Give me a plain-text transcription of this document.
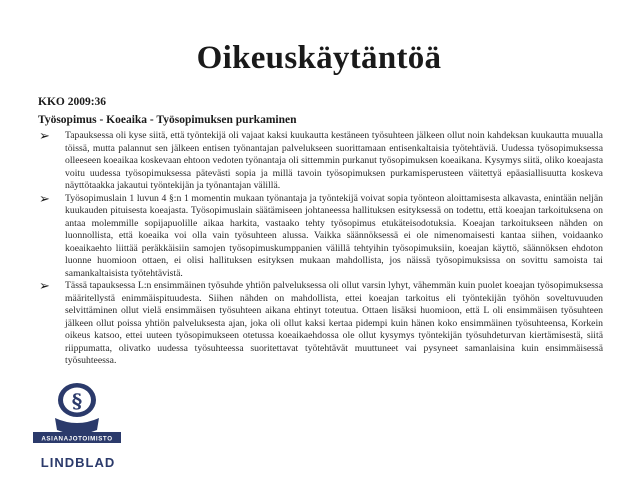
Oikeuskäytäntöä
KKO 2009:36
Työsopimus - Koeaika - Työsopimuksen purkaminen
➢	Tapauksessa oli kyse siitä, että työntekijä oli vajaat kaksi kuukautta kestäneen työsuhteen jälkeen ollut noin kahdeksan kuukautta muualla töissä, mutta palannut sen jälkeen entisen työnantajan palvelukseen suorittamaan entisenkaltaisia työtehtäviä. Uudessa työsopimuksessa olleeseen koeaikaa koskevaan ehtoon vedoten työnantaja oli sittemmin purkanut työsopimuksen koeaikana. Kysymys siitä, oliko koeajasta voitu uudessa työsopimuksessa pätevästi sopia ja millä tavoin työsopimuksen purkamisperusteen väitettyä epäasiallisuutta koskeva näyttötaakka jakautui työntekijän ja työnantajan välillä.
➢	Työsopimuslain 1 luvun 4 §:n 1 momentin mukaan työnantaja ja työntekijä voivat sopia työnteon aloittamisesta alkavasta, enintään neljän kuukauden pituisesta koeajasta. Työsopimuslain säätämiseen johtaneessa hallituksen esityksessä on todettu, että koeajan tarkoituksena on antaa molemmille sopijapuolille aikaa harkita, vastaako tehty työsopimus etukäteisodotuksia. Koeajan tarkoitukseen nähden on luonnollista, että koeaika voi olla vain työsuhteen alussa. Vaikka säännöksessä ei ole nimenomaisesti kantaa siihen, voidaanko koeaikaehto liittää peräkkäisiin samojen työsopimuskumppanien välillä tehtyihin työsopimuksiin, koeajan käyttö, säännöksen ehdoton luonne huomioon ottaen, ei olisi hallituksen esityksen mukaan mahdollista, jos näissä työsopimuksissa on sovittu samoista tai samankaltaisista työtehtävistä.
➢	Tässä tapauksessa L:n ensimmäinen työsuhde yhtiön palveluksessa oli ollut varsin lyhyt, vähemmän kuin puolet koeajan työsopimuksessa määritellystä enimmäispituudesta. Siihen nähden on mahdollista, ettei koeajan tarkoitus eli työntekijän työhön soveltuvuuden selvittäminen ollut vielä ensimmäisen työsuhteen aikana ehtinyt toteutua. Ottaen lisäksi huomioon, että L oli ensimmäisen työsuhteen jälkeen ollut poissa yhtiön palveluksesta ajan, joka oli ollut kaksi kertaa pidempi kuin hänen koko ensimmäinen työsuhteensa, Korkein oikeus katsoo, ettei uuteen työsopimukseen otetussa koeaikaehdossa ole ollut kysymys työntekijän työsuhdeturvan kiertämisestä, siitä riippumatta, olivatko uudessa työsuhteessa suoritettavat työtehtävät muuttuneet vai pysyneet samanlaisina kuin ensimmäisessä työsuhteessa.
§
ASIANAJOTOIMISTO
LINDBLAD
